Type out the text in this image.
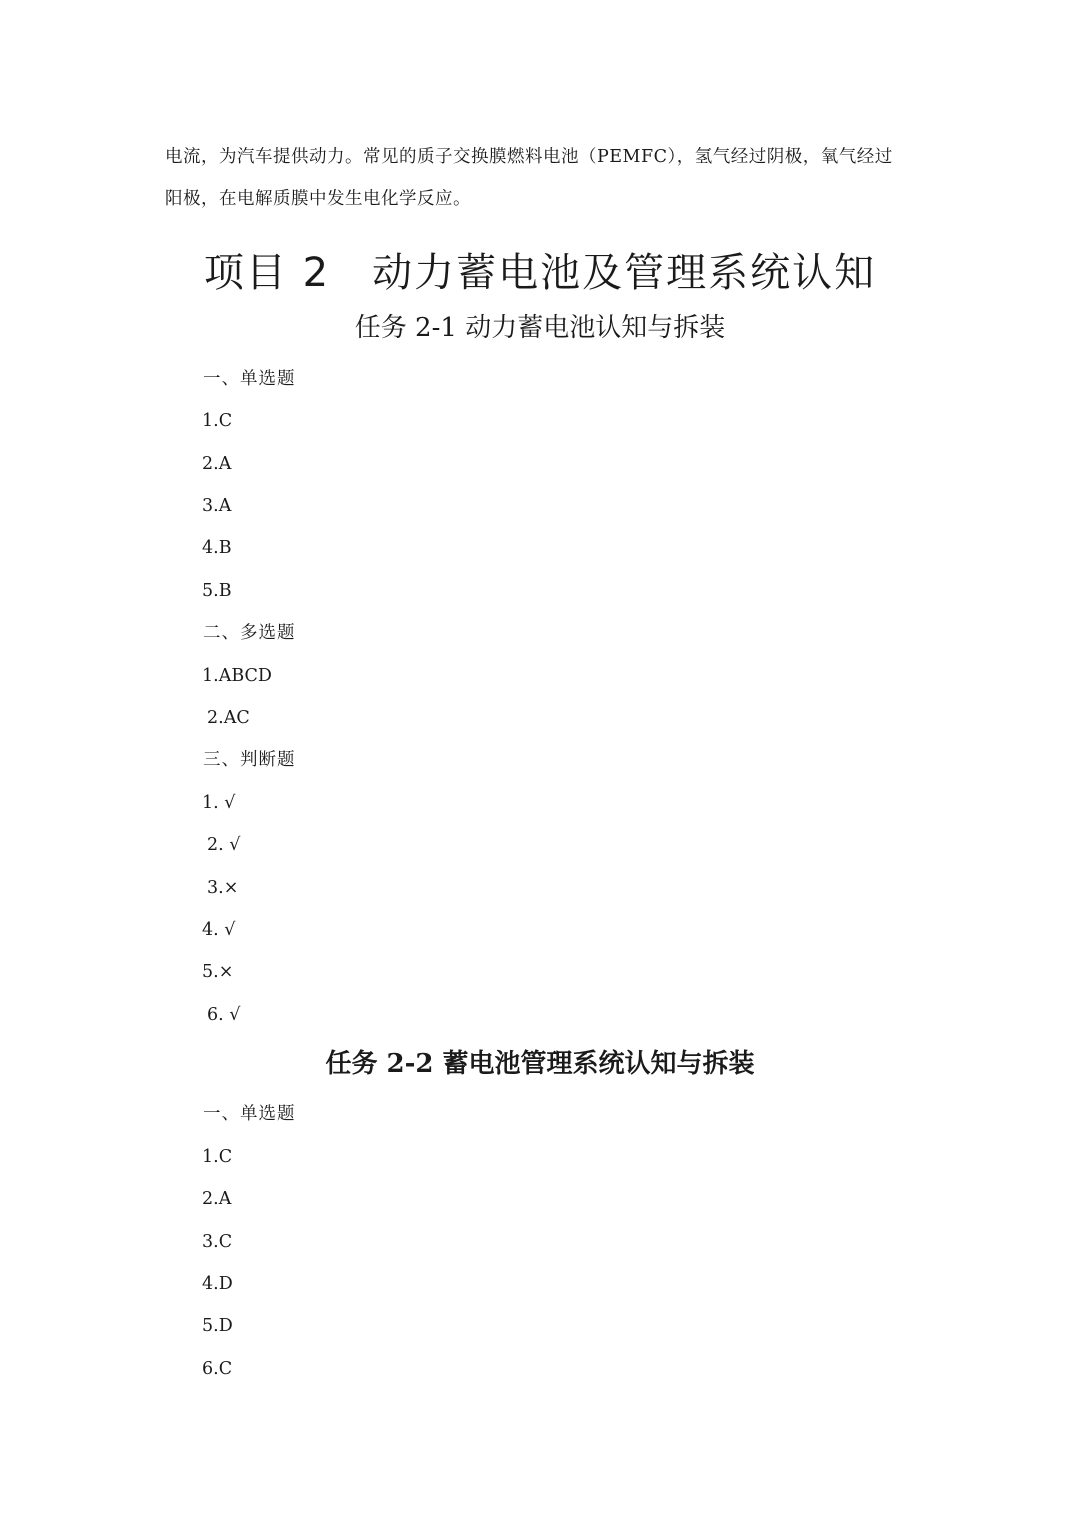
电流，为汽车提供动力。常见的质子交换膜燃料电池（PEMFC），氢气经过阴极，氧气经过

阳极，在电解质膜中发生电化学反应。

项目 2　动力蓄电池及管理系统认知
任务 2-1 动力蓄电池认知与拆装
一、单选题
1.C
2.A
3.A
4.B
5.B
二、多选题
1.ABCD
2.AC
三、判断题
1. √
2. √
3.×
4. √
5.×
6. √
任务 2-2 蓄电池管理系统认知与拆装
一、单选题
1.C
2.A
3.C
4.D
5.D
6.C
